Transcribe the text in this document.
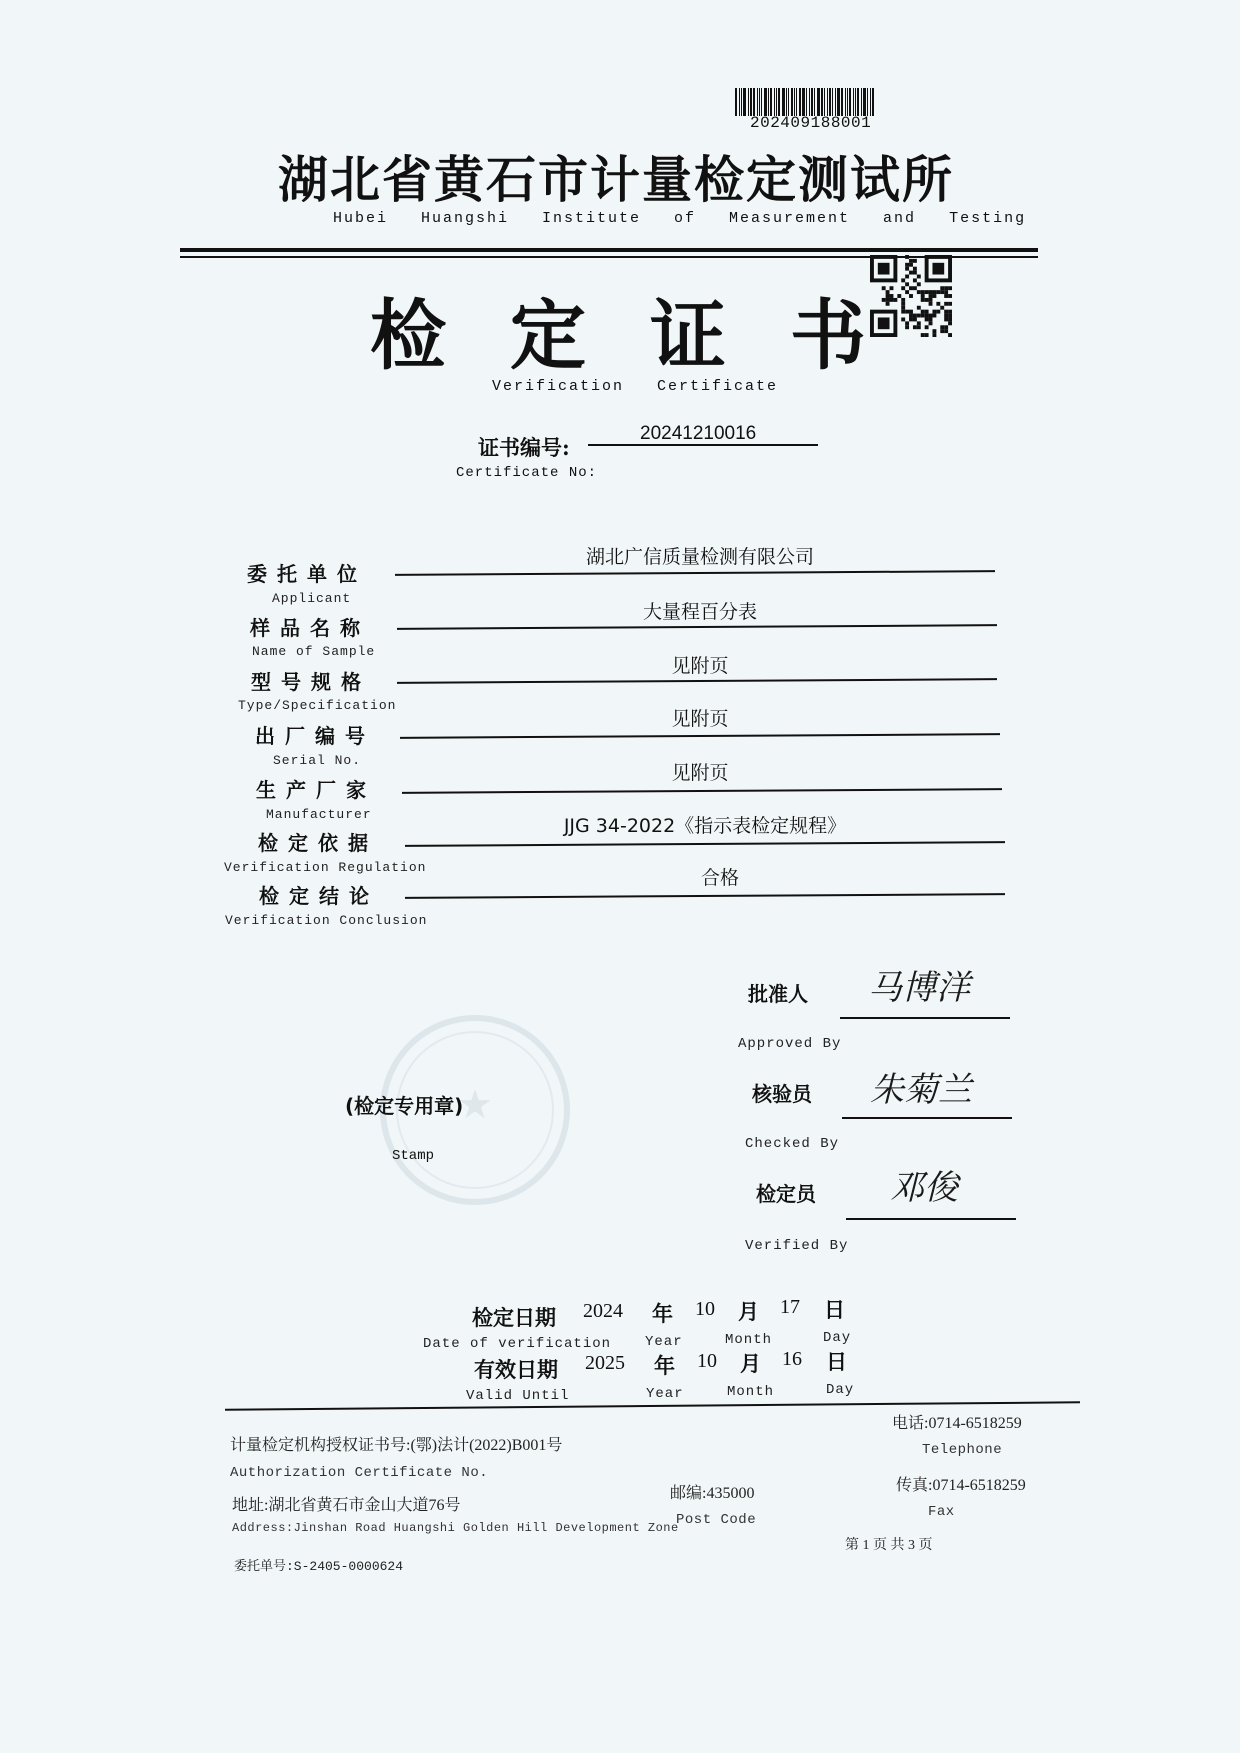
202409188001
湖北省黄石市计量检定测试所
Hubei Huangshi Institute of Measurement and Testing
检定证书
Verification Certificate
证书编号:
20241210016
Certificate No:
委托单位
Applicant
湖北广信质量检测有限公司
样品名称
Name of Sample
大量程百分表
型号规格
Type/Specification
见附页
出厂编号
Serial No.
见附页
生产厂家
Manufacturer
见附页
检定依据
Verification Regulation
JJG 34-2022《指示表检定规程》
检定结论
Verification Conclusion
合格
批准人 马博洋
Approved By
核验员 朱菊兰
Checked By
检定员 邓俊
Verified By
★
(检定专用章)
Stamp
检定日期 2024 年 10 月 17 日
Date of verification Year	Month	Day
有效日期 2025 年 10 月 16 日
Valid Until	Year	Month	Day
计量检定机构授权证书号:(鄂)法计(2022)B001号
Authorization Certificate No.
地址:湖北省黄石市金山大道76号
Address:Jinshan Road Huangshi Golden Hill Development Zone
邮编:435000
Post Code
电话:0714-6518259
Telephone
传真:0714-6518259
Fax
第 1 页 共 3 页
委托单号:S-2405-0000624
